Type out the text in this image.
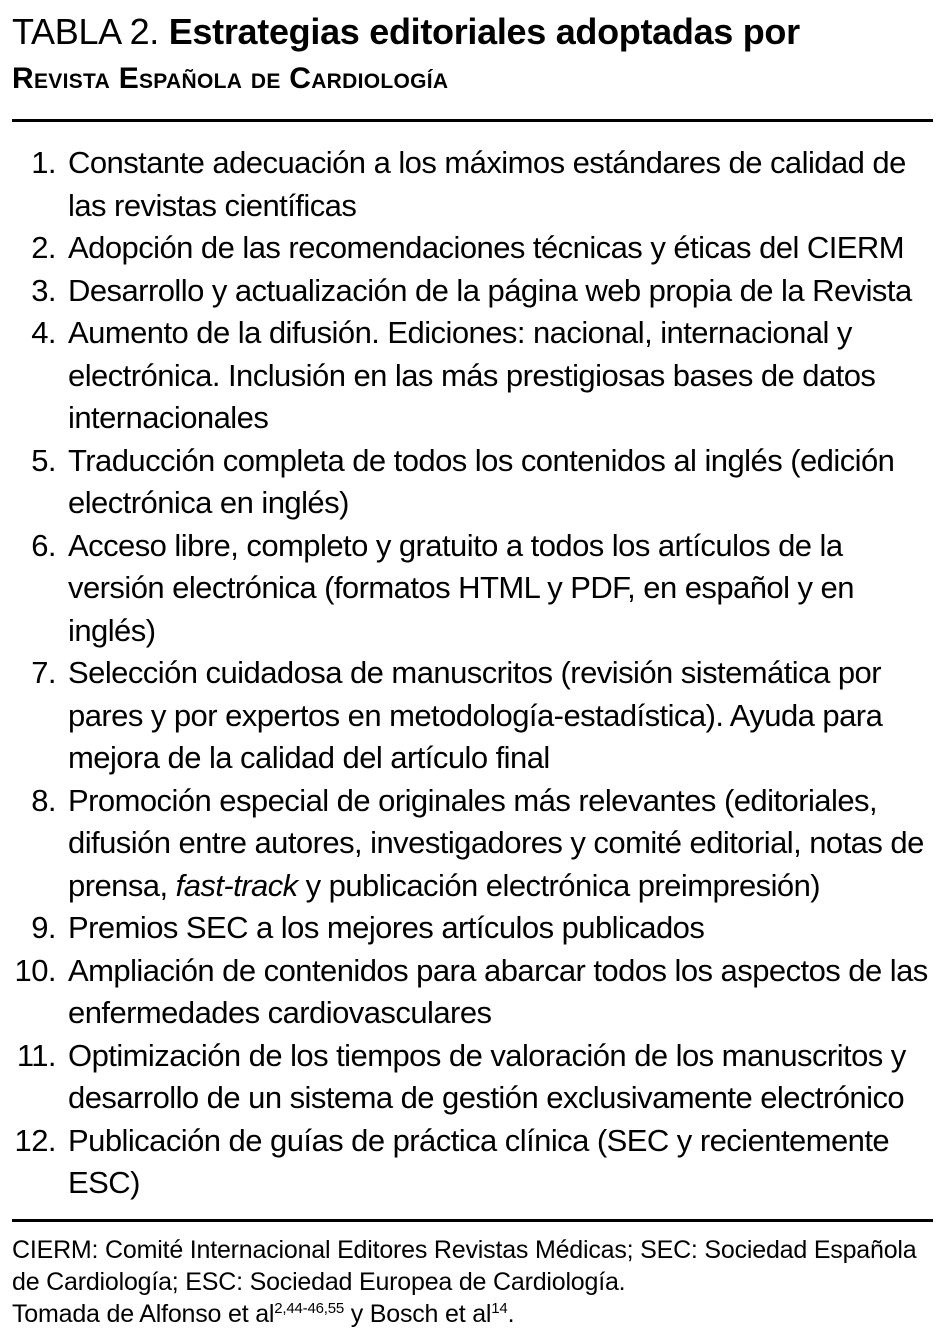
TABLA 2. Estrategias editoriales adoptadas por
Revista Española de Cardiología
1. Constante adecuación a los máximos estándares de calidad de las revistas científicas
2. Adopción de las recomendaciones técnicas y éticas del CIERM
3. Desarrollo y actualización de la página web propia de la Revista
4. Aumento de la difusión. Ediciones: nacional, internacional y electrónica. Inclusión en las más prestigiosas bases de datos internacionales
5. Traducción completa de todos los contenidos al inglés (edición electrónica en inglés)
6. Acceso libre, completo y gratuito a todos los artículos de la versión electrónica (formatos HTML y PDF, en español y en inglés)
7. Selección cuidadosa de manuscritos (revisión sistemática por pares y por expertos en metodología-estadística). Ayuda para mejora de la calidad del artículo final
8. Promoción especial de originales más relevantes (editoriales, difusión entre autores, investigadores y comité editorial, notas de prensa, fast-track y publicación electrónica preimpresión)
9. Premios SEC a los mejores artículos publicados
10. Ampliación de contenidos para abarcar todos los aspectos de las enfermedades cardiovasculares
11. Optimización de los tiempos de valoración de los manuscritos y desarrollo de un sistema de gestión exclusivamente electrónico
12. Publicación de guías de práctica clínica (SEC y recientemente ESC)

CIERM: Comité Internacional Editores Revistas Médicas; SEC: Sociedad Española de Cardiología; ESC: Sociedad Europea de Cardiología.

Tomada de Alfonso et al$^{2,44-46,55}$ y Bosch et $al^{14}$.
